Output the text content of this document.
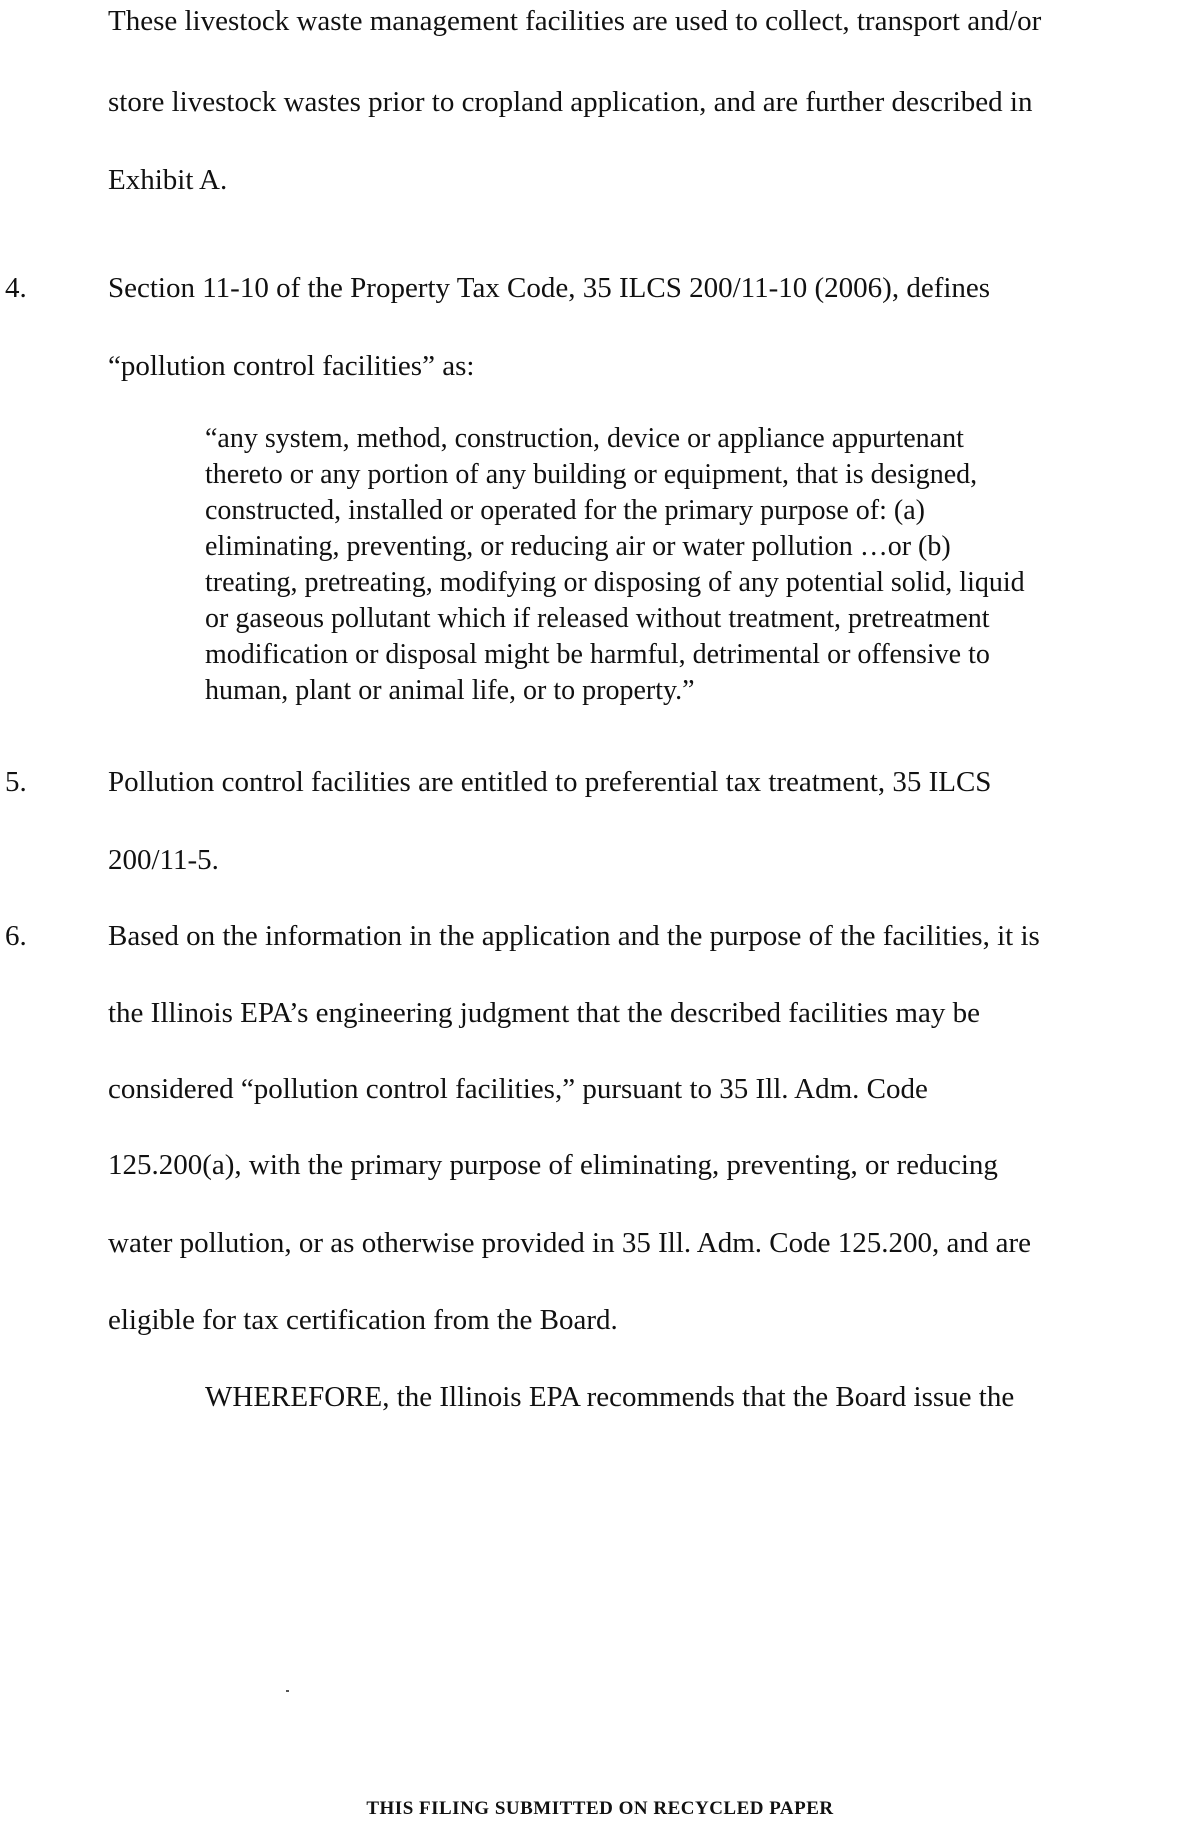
These livestock waste management facilities are used to collect, transport and/or
store livestock wastes prior to cropland application, and are further described in
Exhibit A.
4.	Section 11-10 of the Property Tax Code, 35 ILCS 200/11-10 (2006), defines
“pollution control facilities” as:
“any system, method, construction, device or appliance appurtenant
thereto or any portion of any building or equipment, that is designed,
constructed, installed or operated for the primary purpose of: (a)
eliminating, preventing, or reducing air or water pollution …or (b)
treating, pretreating, modifying or disposing of any potential solid, liquid
or gaseous pollutant which if released without treatment, pretreatment
modification or disposal might be harmful, detrimental or offensive to
human, plant or animal life, or to property.”
5.	Pollution control facilities are entitled to preferential tax treatment, 35 ILCS
200/11-5.
6.	Based on the information in the application and the purpose of the facilities, it is
the Illinois EPA’s engineering judgment that the described facilities may be
considered “pollution control facilities,” pursuant to 35 Ill. Adm. Code
125.200(a), with the primary purpose of eliminating, preventing, or reducing
water pollution, or as otherwise provided in 35 Ill. Adm. Code 125.200, and are
eligible for tax certification from the Board.
WHEREFORE, the Illinois EPA recommends that the Board issue the
THIS FILING SUBMITTED ON RECYCLED PAPER
